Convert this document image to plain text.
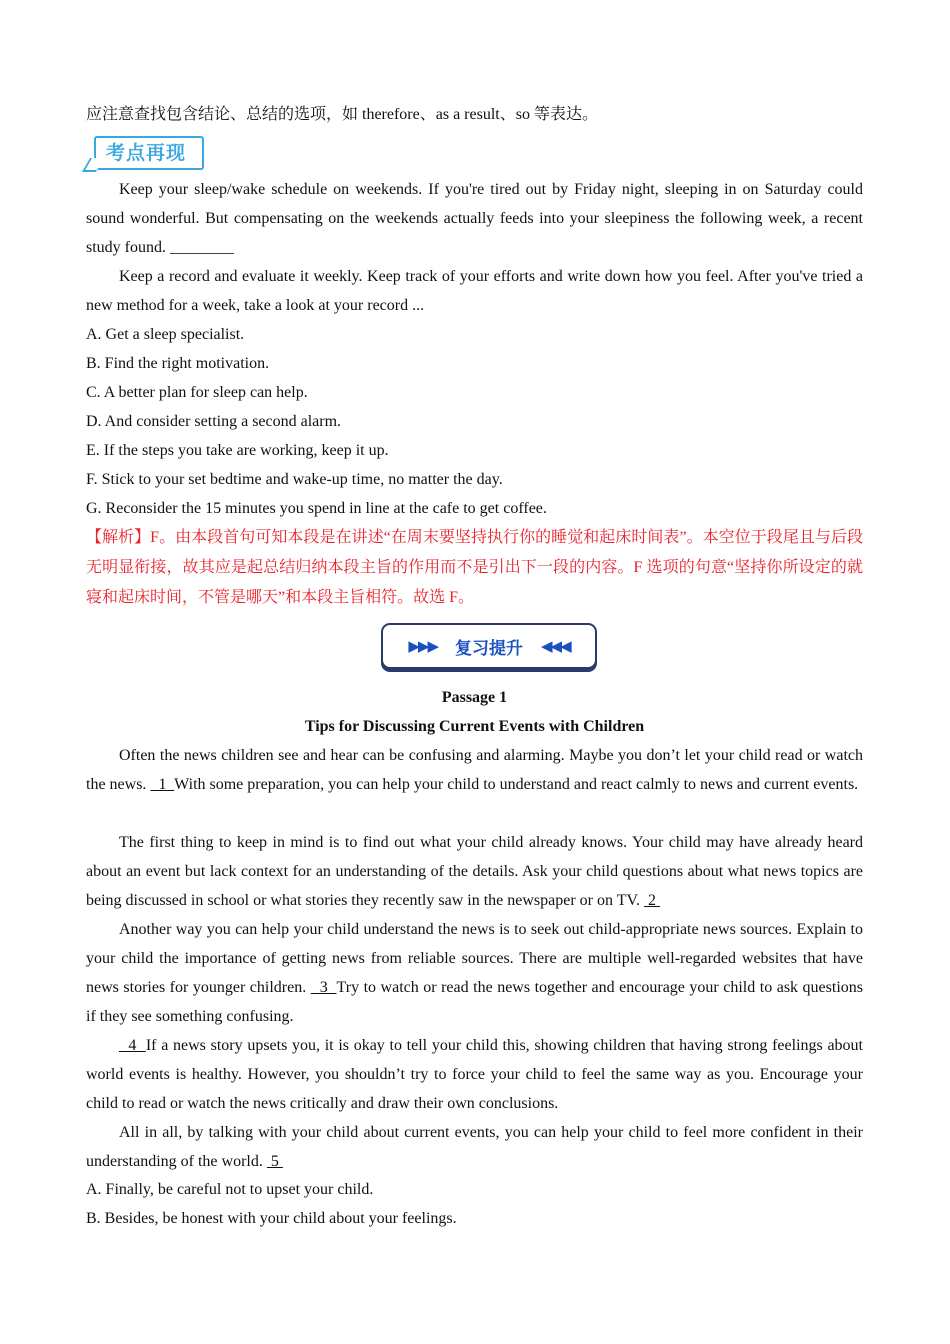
应注意查找包含结论、总结的选项，如 therefore、as a result、so 等表达。
考点再现

Keep your sleep/wake schedule on weekends. If you're tired out by Friday night, sleeping in on Saturday could sound wonderful. But compensating on the weekends actually feeds into your sleepiness the following week, a recent study found. ________

Keep a record and evaluate it weekly. Keep track of your efforts and write down how you feel. After you've tried a new method for a week, take a look at your record ...

A. Get a sleep specialist.
B. Find the right motivation.
C. A better plan for sleep can help.
D. And consider setting a second alarm.
E. If the steps you take are working, keep it up.
F. Stick to your set bedtime and wake-up time, no matter the day.
G. Reconsider the 15 minutes you spend in line at the cafe to get coffee.

【解析】F。由本段首句可知本段是在讲述“在周末要坚持执行你的睡觉和起床时间表”。本空位于段尾且与后段无明显衔接，故其应是起总结归纳本段主旨的作用而不是引出下一段的内容。F 选项的句意“坚持你所设定的就寝和起床时间，不管是哪天”和本段主旨相符。故选 F。

▶▶▶ 复习提升 ◀◀◀
Passage 1
Tips for Discussing Current Events with Children

Often the news children see and hear can be confusing and alarming. Maybe you don’t let your child read or watch the news.   1  With some preparation, you can help your child to understand and react calmly to news and current events.

The first thing to keep in mind is to find out what your child already knows. Your child may have already heard about an event but lack context for an understanding of the details. Ask your child questions about what news topics are being discussed in school or what stories they recently saw in the newspaper or on TV.  2

Another way you can help your child understand the news is to seek out child-appropriate news sources. Explain to your child the importance of getting news from reliable sources. There are multiple well-regarded websites that have news stories for younger children.   3  Try to watch or read the news together and encourage your child to ask questions if they see something confusing.

4  If a news story upsets you, it is okay to tell your child this, showing children that having strong feelings about world events is healthy. However, you shouldn’t try to force your child to feel the same way as you. Encourage your child to read or watch the news critically and draw their own conclusions.

All in all, by talking with your child about current events, you can help your child to feel more confident in their understanding of the world.  5

A. Finally, be careful not to upset your child.
B. Besides, be honest with your child about your feelings.
